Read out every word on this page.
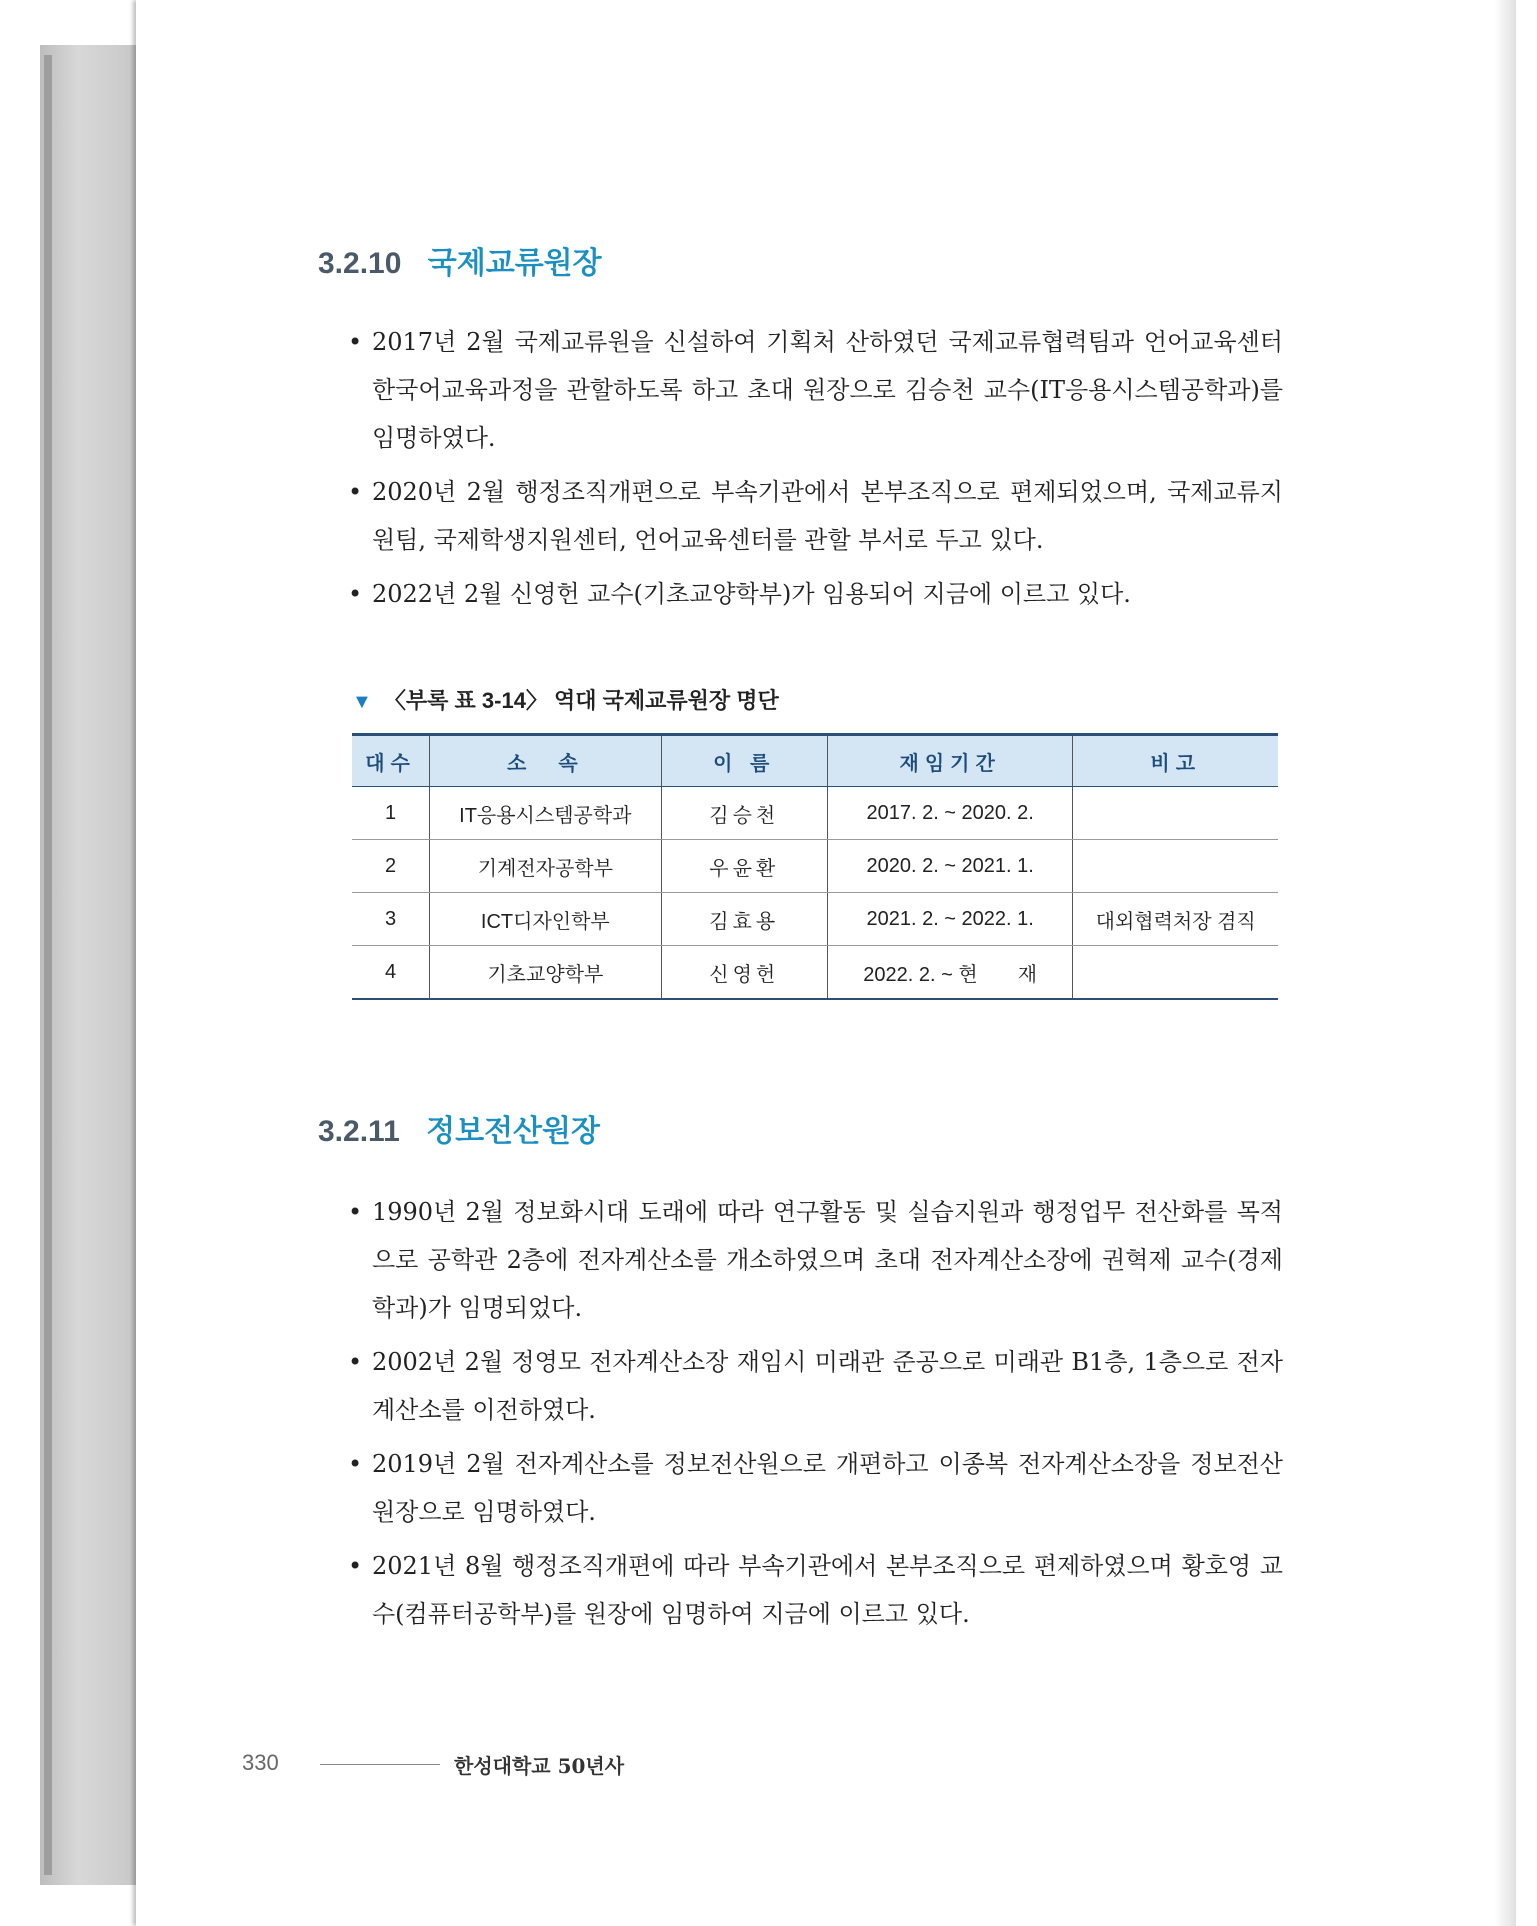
3.2.10 국제교류원장
• 2017년 2월 국제교류원을 신설하여 기획처 산하였던 국제교류협력팀과 언어교육센터 한국어교육과정을 관할하도록 하고 초대 원장으로 김승천 교수(IT응용시스템공학과)를 임명하였다.
• 2020년 2월 행정조직개편으로 부속기관에서 본부조직으로 편제되었으며, 국제교류지원팀, 국제학생지원센터, 언어교육센터를 관할 부서로 두고 있다.
• 2022년 2월 신영헌 교수(기초교양학부)가 임용되어 지금에 이르고 있다.
▼ 〈부록 표 3-14〉 역대 국제교류원장 명단
대수	소　속	이 름	재임기간	비고
1	IT응용시스템공학과	김승천	2017. 2. ~ 2020. 2.	
2	기계전자공학부	우윤환	2020. 2. ~ 2021. 1.	
3	ICT디자인학부	김효용	2021. 2. ~ 2022. 1.	대외협력처장 겸직
4	기초교양학부	신영헌	2022. 2. ~ 현　　재	
3.2.11 정보전산원장
• 1990년 2월 정보화시대 도래에 따라 연구활동 및 실습지원과 행정업무 전산화를 목적으로 공학관 2층에 전자계산소를 개소하였으며 초대 전자계산소장에 권혁제 교수(경제학과)가 임명되었다.
• 2002년 2월 정영모 전자계산소장 재임시 미래관 준공으로 미래관 B1층, 1층으로 전자계산소를 이전하였다.
• 2019년 2월 전자계산소를 정보전산원으로 개편하고 이종복 전자계산소장을 정보전산원장으로 임명하였다.
• 2021년 8월 행정조직개편에 따라 부속기관에서 본부조직으로 편제하였으며 황호영 교수(컴퓨터공학부)를 원장에 임명하여 지금에 이르고 있다.
330	한성대학교 50년사
